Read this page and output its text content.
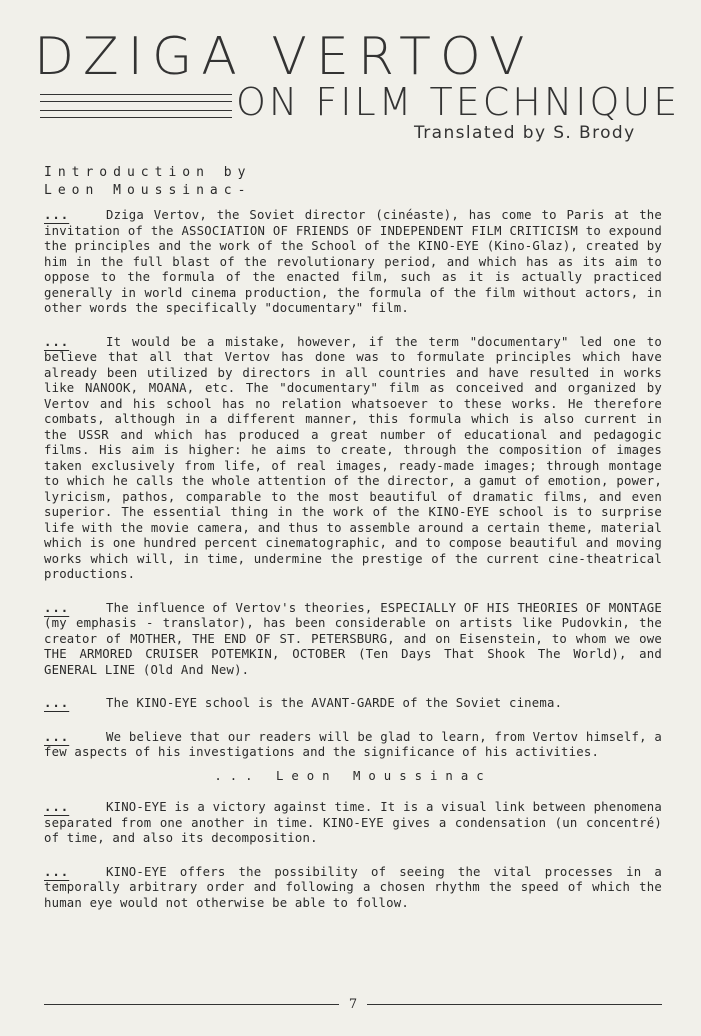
DZIGA VERTOV
ON FILM TECHNIQUE
Translated by S. Brody
Introduction by
Leon Moussinac-

...	Dziga Vertov, the Soviet director (cinéaste), has come to Paris at the invitation of the ASSOCIATION OF FRIENDS OF INDEPENDENT FILM CRITICISM to expound the principles and the work of the School of the KINO-EYE (Kino-Glaz), created by him in the full blast of the revolutionary period, and which has as its aim to oppose to the formula of the enacted film, such as it is actually practiced generally in world cinema production, the formula of the film without actors, in other words the specifically "documentary" film.

...	It would be a mistake, however, if the term "documentary" led one to believe that all that Vertov has done was to formulate principles which have already been utilized by directors in all countries and have resulted in works like NANOOK, MOANA, etc. The "documentary" film as conceived and organized by Vertov and his school has no relation whatsoever to these works. He therefore combats, although in a different manner, this formula which is also current in the USSR and which has produced a great number of educational and pedagogic films. His aim is higher: he aims to create, through the composition of images taken exclusively from life, of real images, ready-made images; through montage to which he calls the whole attention of the director, a gamut of emotion, power, lyricism, pathos, comparable to the most beautiful of dramatic films, and even superior. The essential thing in the work of the KINO-EYE school is to surprise life with the movie camera, and thus to assemble around a certain theme, material which is one hundred percent cinematographic, and to compose beautiful and moving works which will, in time, undermine the prestige of the current cine-theatrical productions.

...	The influence of Vertov's theories, ESPECIALLY OF HIS THEORIES OF MONTAGE (my emphasis - translator), has been considerable on artists like Pudovkin, the creator of MOTHER, THE END OF ST. PETERSBURG, and on Eisenstein, to whom we owe THE ARMORED CRUISER POTEMKIN, OCTOBER (Ten Days That Shook The World), and GENERAL LINE (Old And New).

...	The KINO-EYE school is the AVANT-GARDE of the Soviet cinema.

...	We believe that our readers will be glad to learn, from Vertov himself, a few aspects of his investigations and the significance of his activities.

... Leon Moussinac

...	KINO-EYE is a victory against time. It is a visual link between phenomena separated from one another in time. KINO-EYE gives a condensation (un concentré) of time, and also its decomposition.

...	KINO-EYE offers the possibility of seeing the vital processes in a temporally arbitrary order and following a chosen rhythm the speed of which the human eye would not otherwise be able to follow.

7
